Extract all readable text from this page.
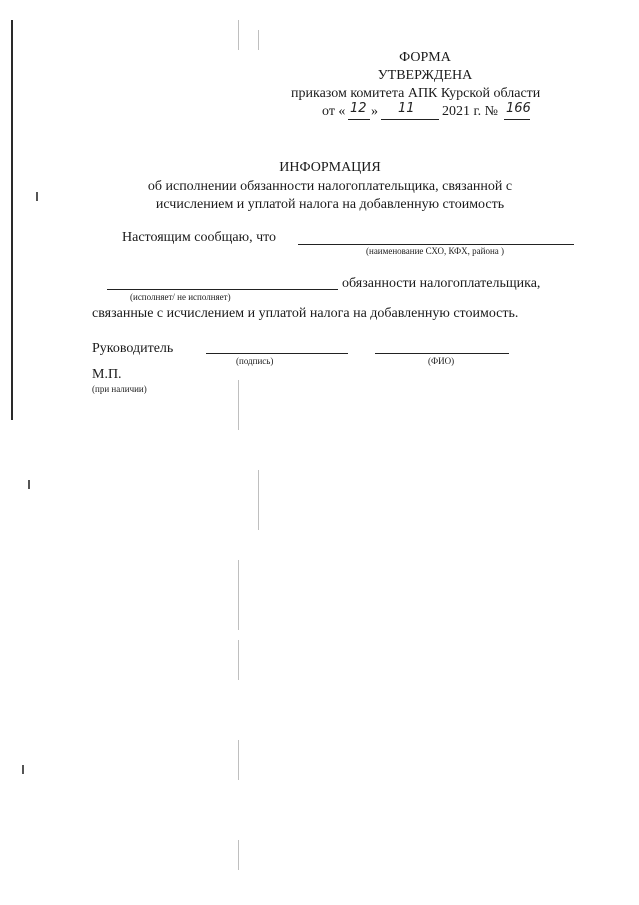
ФОРМА
УТВЕРЖДЕНА
приказом комитета АПК Курской области
от « 12 » 11 2021 г. № 166
ИНФОРМАЦИЯ
об исполнении обязанности налогоплательщика, связанной с
исчислением и уплатой налога на добавленную стоимость
Настоящим сообщаю, что
(наименование СХО, КФХ, района )
обязанности налогоплательщика,
(исполняет/ не исполняет)
связанные с исчислением и уплатой налога на добавленную стоимость.
Руководитель
(подпись)	(ФИО)
М.П.
(при наличии)
